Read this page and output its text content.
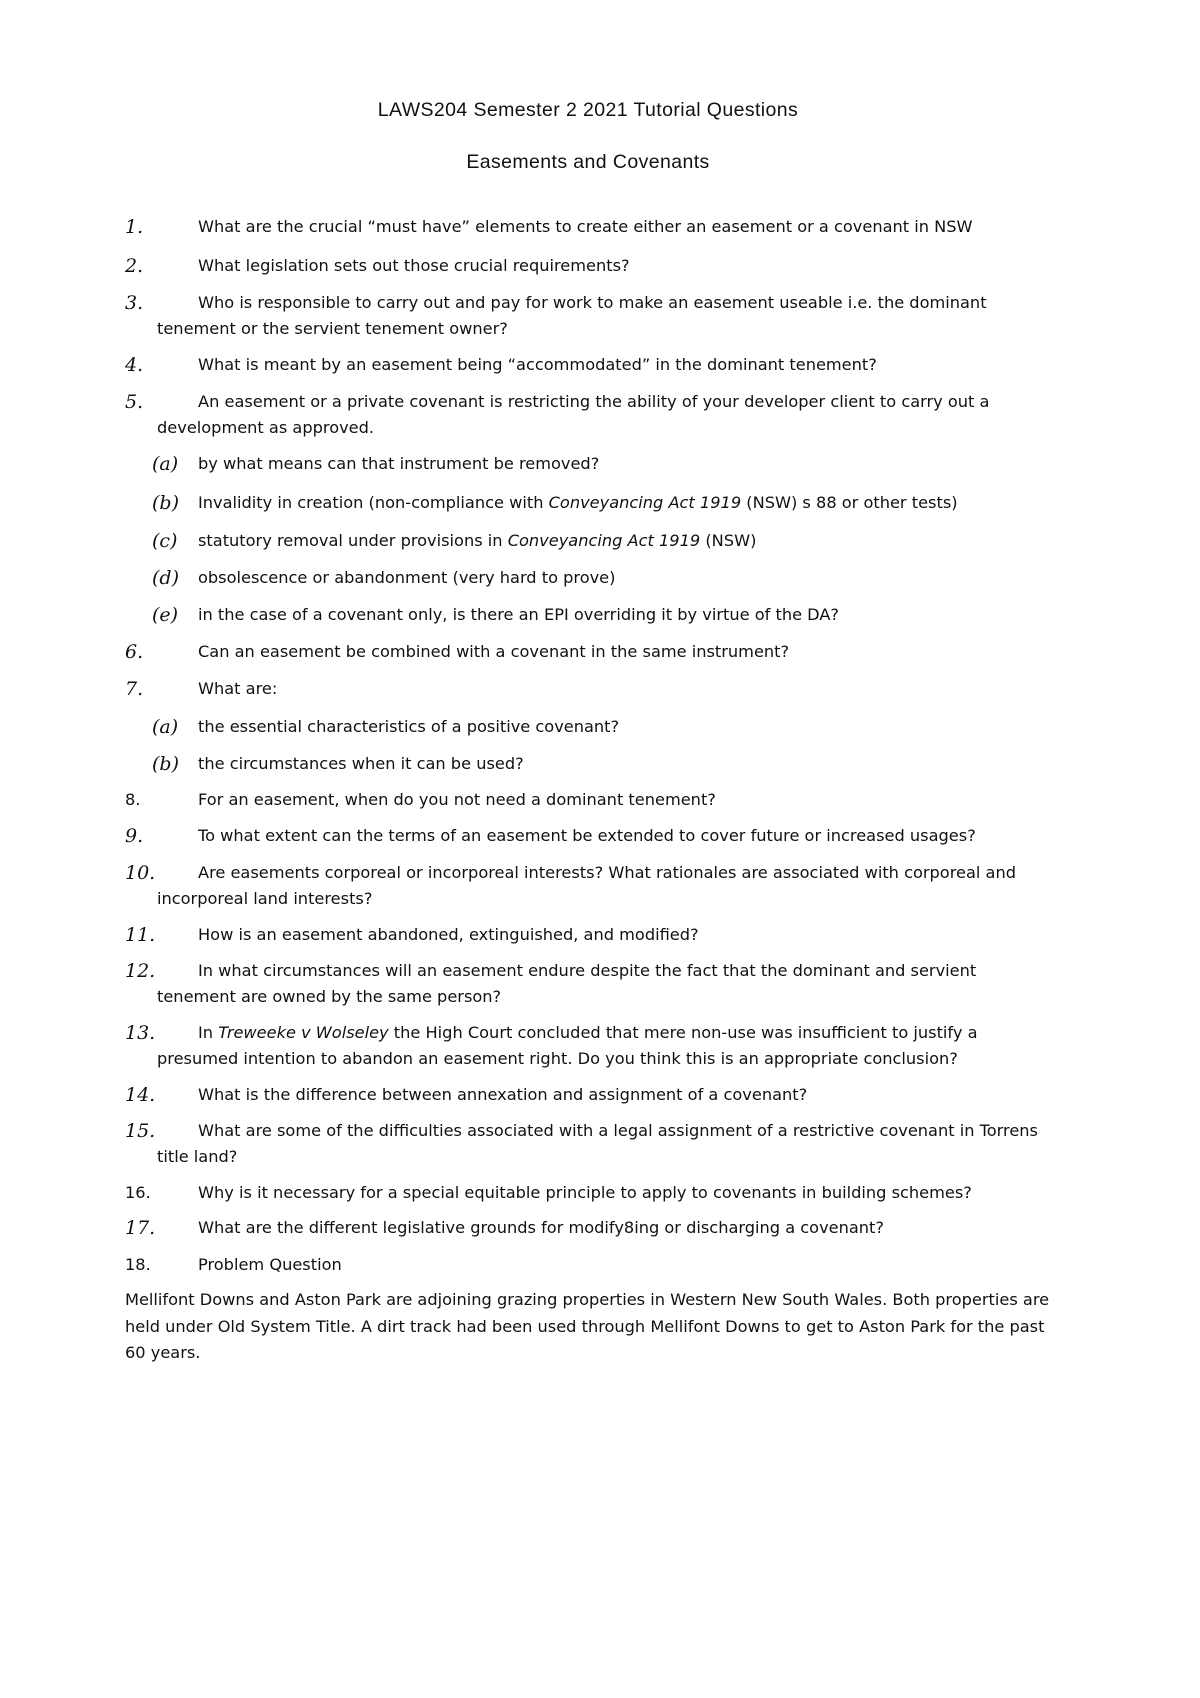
LAWS204 Semester 2 2021 Tutorial Questions
Easements and Covenants
1.	What are the crucial “must have” elements to create either an easement or a covenant in NSW
2.	What legislation sets out those crucial requirements?
3.	Who is responsible to carry out and pay for work to make an easement useable i.e. the dominant tenement or the servient tenement owner?
4.	What is meant by an easement being “accommodated” in the dominant tenement?
5.	An easement or a private covenant is restricting the ability of your developer client to carry out a development as approved.
(a)	by what means can that instrument be removed?
(b)	Invalidity in creation (non-compliance with Conveyancing Act 1919 (NSW) s 88 or other tests)
(c)	statutory removal under provisions in Conveyancing Act 1919 (NSW)
(d)	obsolescence or abandonment (very hard to prove)
(e)	in the case of a covenant only, is there an EPI overriding it by virtue of the DA?
6.	Can an easement be combined with a covenant in the same instrument?
7.	What are:
(a)	the essential characteristics of a positive covenant?
(b)	the circumstances when it can be used?
8.	For an easement, when do you not need a dominant tenement?
9.	To what extent can the terms of an easement be extended to cover future or increased usages?
10.	Are easements corporeal or incorporeal interests? What rationales are associated with corporeal and incorporeal land interests?
11.	How is an easement abandoned, extinguished, and modified?
12.	In what circumstances will an easement endure despite the fact that the dominant and servient tenement are owned by the same person?
13.	In Treweeke v Wolseley the High Court concluded that mere non-use was insufficient to justify a presumed intention to abandon an easement right. Do you think this is an appropriate conclusion?
14.	What is the difference between annexation and assignment of a covenant?
15.	What are some of the difficulties associated with a legal assignment of a restrictive covenant in Torrens title land?
16.	Why is it necessary for a special equitable principle to apply to covenants in building schemes?
17.	What are the different legislative grounds for modify8ing or discharging a covenant?
18.	Problem Question
Mellifont Downs and Aston Park are adjoining grazing properties in Western New South Wales. Both properties are held under Old System Title. A dirt track had been used through Mellifont Downs to get to Aston Park for the past 60 years.
